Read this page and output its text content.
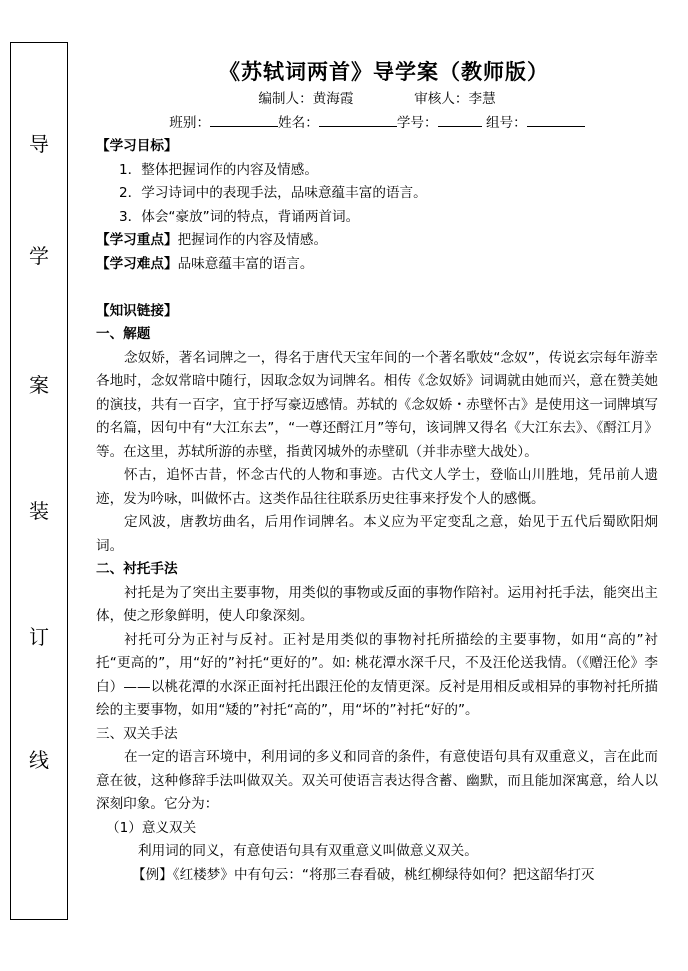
导
学
案
装
订
线
《苏轼词两首》导学案（教师版）
编制人：黄海霞	审核人：李慧
班别：	姓名：	学号：	组号：
【学习目标】
1．整体把握词作的内容及情感。
2．学习诗词中的表现手法，品味意蕴丰富的语言。
3．体会“豪放”词的特点，背诵两首词。
【学习重点】把握词作的内容及情感。
【学习难点】品味意蕴丰富的语言。
【知识链接】
一、解题
念奴娇，著名词牌之一，得名于唐代天宝年间的一个著名歌妓“念奴”，传说玄宗每年游幸各地时，念奴常暗中随行，因取念奴为词牌名。相传《念奴娇》词调就由她而兴，意在赞美她的演技，共有一百字，宜于抒写豪迈感情。苏轼的《念奴娇・赤壁怀古》是使用这一词牌填写的名篇，因句中有“大江东去”，“一尊还酹江月”等句，该词牌又得名《大江东去》、《酹江月》等。在这里，苏轼所游的赤壁，指黄冈城外的赤壁矶（并非赤壁大战处）。
怀古，追怀古昔，怀念古代的人物和事迹。古代文人学士，登临山川胜地，凭吊前人遗迹，发为吟咏，叫做怀古。这类作品往往联系历史往事来抒发个人的感慨。
定风波，唐教坊曲名，后用作词牌名。本义应为平定变乱之意，始见于五代后蜀欧阳炯词。
二、衬托手法
衬托是为了突出主要事物，用类似的事物或反面的事物作陪衬。运用衬托手法，能突出主体，使之形象鲜明，使人印象深刻。
衬托可分为正衬与反衬。正衬是用类似的事物衬托所描绘的主要事物，如用“高的”衬托“更高的”，用“好的”衬托“更好的”。如: 桃花潭水深千尺，不及汪伦送我情。（《赠汪伦》李白）——以桃花潭的水深正面衬托出跟汪伦的友情更深。反衬是用相反或相异的事物衬托所描绘的主要事物，如用“矮的”衬托“高的”，用“坏的”衬托“好的”。
三、双关手法
在一定的语言环境中，利用词的多义和同音的条件，有意使语句具有双重意义，言在此而意在彼，这种修辞手法叫做双关。双关可使语言表达得含蓄、幽默，而且能加深寓意，给人以深刻印象。它分为：
（1）意义双关
利用词的同义，有意使语句具有双重意义叫做意义双关。
【例】《红楼梦》中有句云：“将那三春看破，桃红柳绿待如何？把这韶华打灭
